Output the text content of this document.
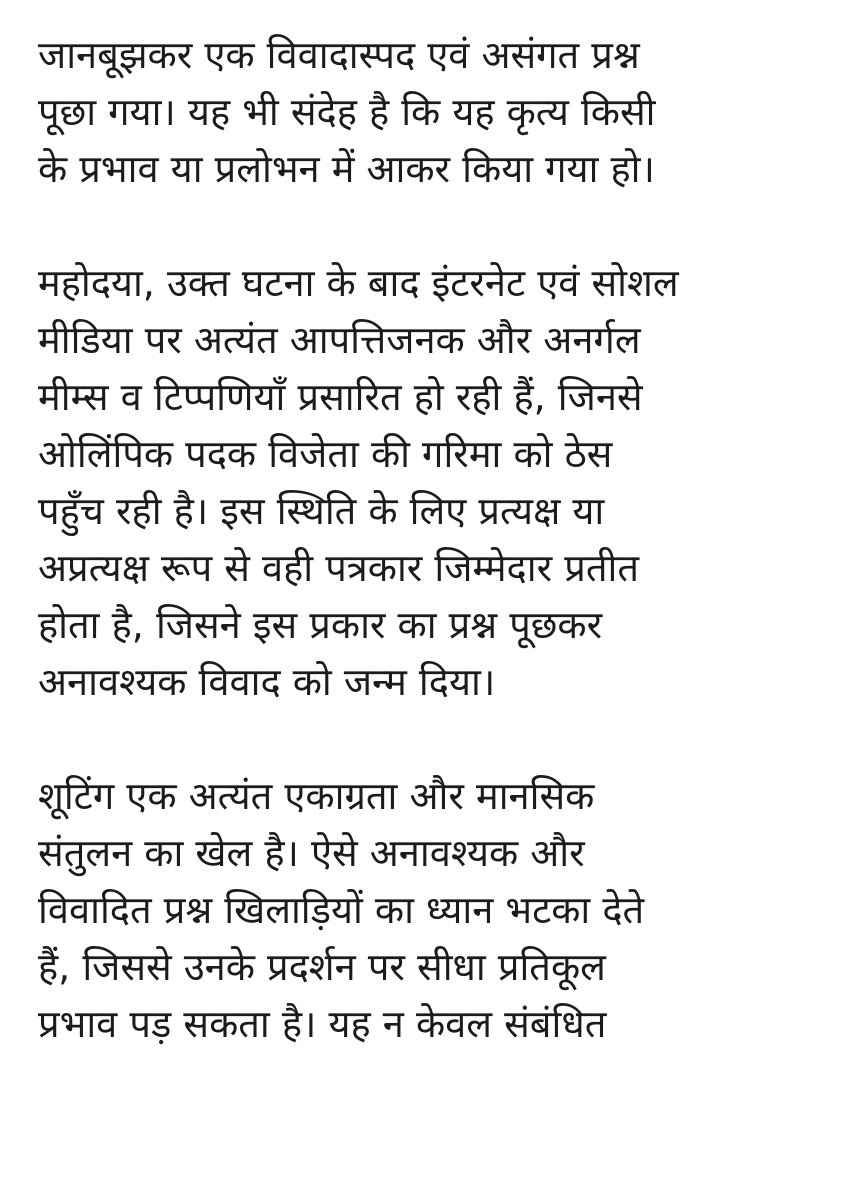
जानबूझकर एक विवादास्पद एवं असंगत प्रश्न
पूछा गया। यह भी संदेह है कि यह कृत्य किसी
के प्रभाव या प्रलोभन में आकर किया गया हो।
महोदया, उक्त घटना के बाद इंटरनेट एवं सोशल
मीडिया पर अत्यंत आपत्तिजनक और अनर्गल
मीम्स व टिप्पणियाँ प्रसारित हो रही हैं, जिनसे
ओलिंपिक पदक विजेता की गरिमा को ठेस
पहुँच रही है। इस स्थिति के लिए प्रत्यक्ष या
अप्रत्यक्ष रूप से वही पत्रकार जिम्मेदार प्रतीत
होता है, जिसने इस प्रकार का प्रश्न पूछकर
अनावश्यक विवाद को जन्म दिया।
शूटिंग एक अत्यंत एकाग्रता और मानसिक
संतुलन का खेल है। ऐसे अनावश्यक और
विवादित प्रश्न खिलाड़ियों का ध्यान भटका देते
हैं, जिससे उनके प्रदर्शन पर सीधा प्रतिकूल
प्रभाव पड़ सकता है। यह न केवल संबंधित
